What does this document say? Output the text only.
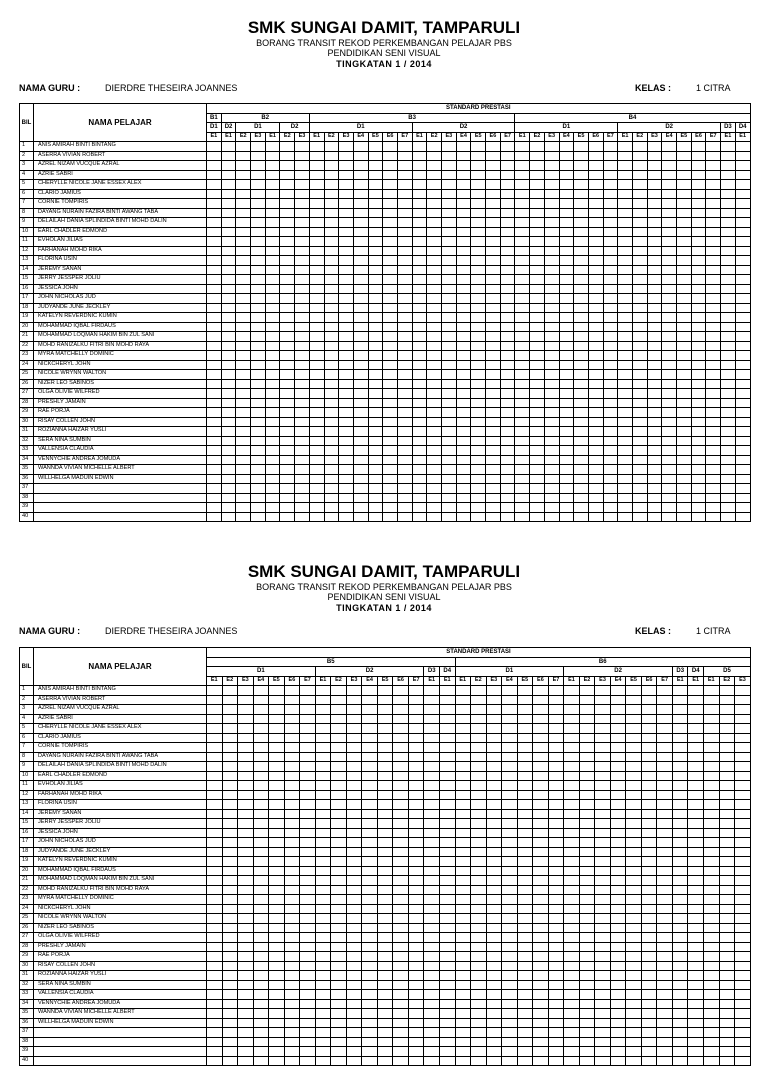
SMK SUNGAI DAMIT, TAMPARULI
BORANG TRANSIT REKOD PERKEMBANGAN PELAJAR PBS
PENDIDIKAN SENI VISUAL
TINGKATAN 1 / 2014
NAMA GURU :	DIERDRE THESEIRA JOANNES	KELAS :	1 CITRA
BIL	NAMA PELAJAR	STANDARD PRESTASI																																				
		B1	B2						B3														B4															
		D1	D2	D1			D2		D1							D2							D1							D2							D3	D4
		E1	E1	E2	E3	E1	E2	E3	E1	E2	E3	E4	E5	E6	E7	E1	E2	E3	E4	E5	E6	E7	E1	E2	E3	E4	E5	E6	E7	E1	E2	E3	E4	E5	E6	E7	E1	E1
1	ANIS AMIRAH BINTI BINTANG																																					
2	ASERRA VIVIAN ROBERT																																					
3	AZREL NIZAM VUCQUE AZRAL																																					
4	AZRIE SABRI																																					
5	CHERYLLE NICOLE JANE ESSEX ALEX																																					
6	CLARIO JAMIUS																																					
7	CORNIE TOMPIRIS																																					
8	DAYANG NURAIN FAZIRA BINTI AWANG TABA																																					
9	DELAILAH DANIA SPLINDIDA BINTI MOHD DALIN																																					
10	EARL CHADLER EDMOND																																					
11	EVHOLAN JILIAS																																					
12	FARHANAH MOHD RIKA																																					
13	FLORINA USIN																																					
14	JEREMY SANAN																																					
15	JERRY JESSPER JOLIU																																					
16	JESSICA JOHN																																					
17	JOHN NICHOLAS JUD																																					
18	JUDYANDE JUNE JECKLEY																																					
19	KATELYN REVERDNIC KUMIN																																					
20	MOHAMMAD IQBAL FIRDAUS																																					
21	MOHAMMAD LOQMAN HAKIM BIN ZUL SANI																																					
22	MOHD RANIZALKU FITRI BIN MOHD RAYA																																					
23	MYRA MATCHELLY DOMINIC																																					
24	NICKCHERYL JOHN																																					
25	NICOLE WRYNN WALTON																																					
26	NIZER LEO SABINOS																																					
27	OLGA OLIVIE WILFRED																																					
28	PRESHLY JAMAIN																																					
29	RAE PORJA																																					
30	RISAY COLLEN JOHN																																					
31	ROZIANNA HAIZAR YUSLI																																					
32	SERA NINA SUMBIN																																					
33	VALLENSIA CLAUDIA																																					
34	VENNYCHIE ANDREA JOMUDA																																					
35	WANNDA VIVIAN MICHELLE ALBERT																																					
36	WILLHELGA MADUIN EDWIN																																					
37																																						
38																																						
39																																						
40																																						
SMK SUNGAI DAMIT, TAMPARULI
BORANG TRANSIT REKOD PERKEMBANGAN PELAJAR PBS
PENDIDIKAN SENI VISUAL
TINGKATAN 1 / 2014
NAMA GURU :	DIERDRE THESEIRA JOANNES	KELAS :	1 CITRA
BIL	NAMA PELAJAR	STANDARD PRESTASI																																		
		B5																B6																		
		D1							D2							D3	D4	D1							D2							D3	D4	D5		
		E1	E2	E3	E4	E5	E6	E7	E1	E2	E3	E4	E5	E6	E7	E1	E1	E1	E2	E3	E4	E5	E6	E7	E1	E2	E3	E4	E5	E6	E7	E1	E1	E1	E2	E3
1	ANIS AMIRAH BINTI BINTANG																																			
2	ASERRA VIVIAN ROBERT																																			
3	AZREL NIZAM VUCQUE AZRAL																																			
4	AZRIE SABRI																																			
5	CHERYLLE NICOLE JANE ESSEX ALEX																																			
6	CLARIO JAMIUS																																			
7	CORNIE TOMPIRIS																																			
8	DAYANG NURAIN FAZIRA BINTI AWANG TABA																																			
9	DELAILAH DANIA SPLINDIDA BINTI MOHD DALIN																																			
10	EARL CHADLER EDMOND																																			
11	EVHOLAN JILIAS																																			
12	FARHANAH MOHD RIKA																																			
13	FLORINA USIN																																			
14	JEREMY SANAN																																			
15	JERRY JESSPER JOLIU																																			
16	JESSICA JOHN																																			
17	JOHN NICHOLAS JUD																																			
18	JUDYANDE JUNE JECKLEY																																			
19	KATELYN REVERDNIC KUMIN																																			
20	MOHAMMAD IQBAL FIRDAUS																																			
21	MOHAMMAD LOQMAN HAKIM BIN ZUL SANI																																			
22	MOHD RANIZALKU FITRI BIN MOHD RAYA																																			
23	MYRA MATCHELLY DOMINIC																																			
24	NICKCHERYL JOHN																																			
25	NICOLE WRYNN WALTON																																			
26	NIZER LEO SABINOS																																			
27	OLGA OLIVIE WILFRED																																			
28	PRESHLY JAMAIN																																			
29	RAE PORJA																																			
30	RISAY COLLEN JOHN																																			
31	ROZIANNA HAIZAR YUSLI																																			
32	SERA NINA SUMBIN																																			
33	VALLENSIA CLAUDIA																																			
34	VENNYCHIE ANDREA JOMUDA																																			
35	WANNDA VIVIAN MICHELLE ALBERT																																			
36	WILLHELGA MADUIN EDWIN																																			
37																																				
38																																				
39																																				
40																																				
